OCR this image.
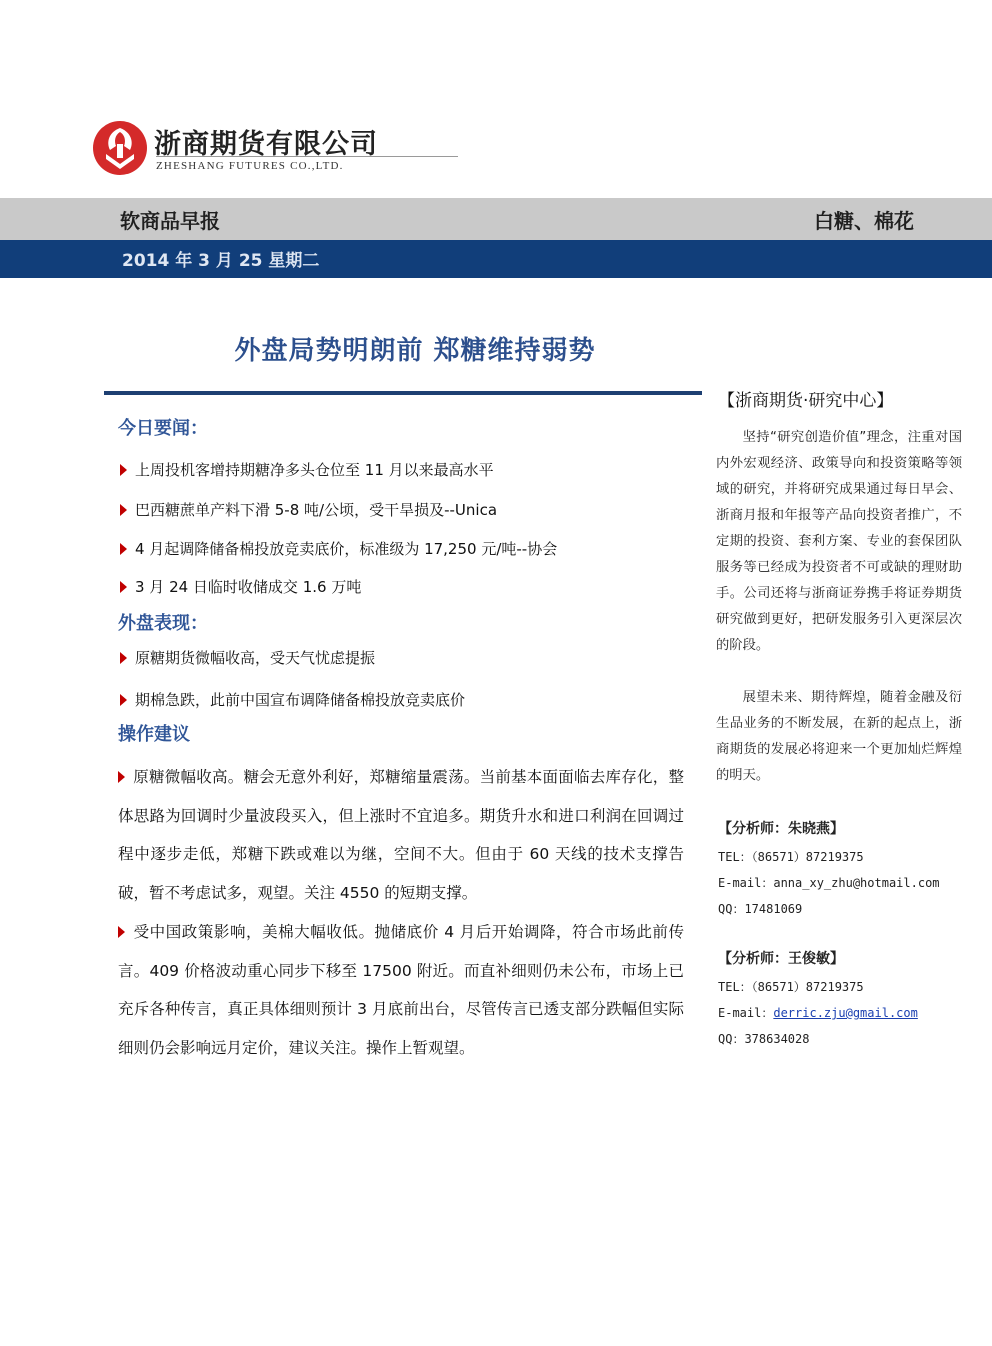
浙商期货有限公司
ZHESHANG FUTURES CO.,LTD.
软商品早报	白糖、棉花
2014 年 3 月 25 星期二
外盘局势明朗前 郑糖维持弱势
今日要闻：
上周投机客增持期糖净多头仓位至 11 月以来最高水平
巴西糖蔗单产料下滑 5-8 吨/公顷，受干旱损及--Unica
4 月起调降储备棉投放竞卖底价，标准级为 17,250 元/吨--协会
3 月 24 日临时收储成交 1.6 万吨
外盘表现：
原糖期货微幅收高，受天气忧虑提振
期棉急跌，此前中国宣布调降储备棉投放竞卖底价
操作建议
原糖微幅收高。糖会无意外利好，郑糖缩量震荡。当前基本面面临去库存化，整体思路为回调时少量波段买入，但上涨时不宜追多。期货升水和进口利润在回调过程中逐步走低，郑糖下跌或难以为继，空间不大。但由于 60 天线的技术支撑告破，暂不考虑试多，观望。关注 4550 的短期支撑。
受中国政策影响，美棉大幅收低。抛储底价 4 月后开始调降，符合市场此前传言。409 价格波动重心同步下移至 17500 附近。而直补细则仍未公布，市场上已充斥各种传言，真正具体细则预计 3 月底前出台，尽管传言已透支部分跌幅但实际细则仍会影响远月定价，建议关注。操作上暂观望。
【浙商期货·研究中心】
坚持“研究创造价值”理念，注重对国内外宏观经济、政策导向和投资策略等领域的研究，并将研究成果通过每日早会、浙商月报和年报等产品向投资者推广，不定期的投资、套利方案、专业的套保团队服务等已经成为投资者不可或缺的理财助手。公司还将与浙商证券携手将证券期货研究做到更好，把研发服务引入更深层次的阶段。
展望未来、期待辉煌，随着金融及衍生品业务的不断发展，在新的起点上，浙商期货的发展必将迎来一个更加灿烂辉煌的明天。
【分析师：朱晓燕】
TEL：（86571）87219375
E-mail：anna_xy_zhu@hotmail.com
QQ：17481069
【分析师：王俊敏】
TEL：（86571）87219375
E-mail：derric.zju@gmail.com
QQ：378634028
